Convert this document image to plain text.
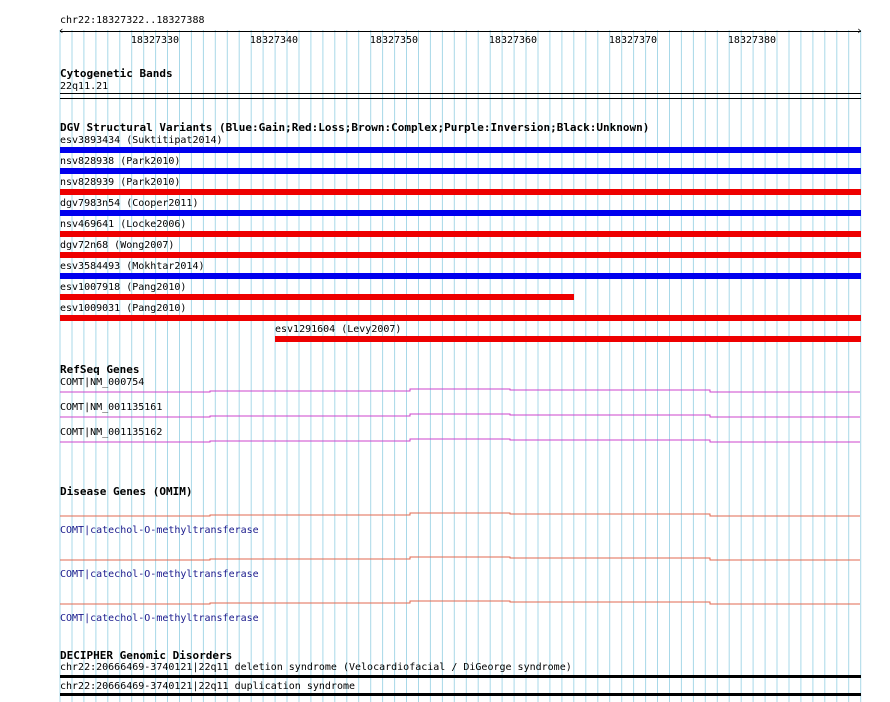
chr22:18327322..18327388
‹	›
18327330	18327340	18327350	18327360	18327370	18327380
Cytogenetic Bands
22q11.21
DGV Structural Variants (Blue:Gain;Red:Loss;Brown:Complex;Purple:Inversion;Black:Unknown)
esv3893434 (Suktitipat2014)
nsv828938 (Park2010)
nsv828939 (Park2010)
dgv7983n54 (Cooper2011)
nsv469641 (Locke2006)
dgv72n68 (Wong2007)
esv3584493 (Mokhtar2014)
esv1007918 (Pang2010)
esv1009031 (Pang2010)
esv1291604 (Levy2007)
RefSeq Genes
COMT|NM_000754
COMT|NM_001135161
COMT|NM_001135162
Disease Genes (OMIM)
COMT|catechol-O-methyltransferase
COMT|catechol-O-methyltransferase
COMT|catechol-O-methyltransferase
DECIPHER Genomic Disorders
chr22:20666469-3740121|22q11 deletion syndrome (Velocardiofacial / DiGeorge syndrome)
chr22:20666469-3740121|22q11 duplication syndrome
